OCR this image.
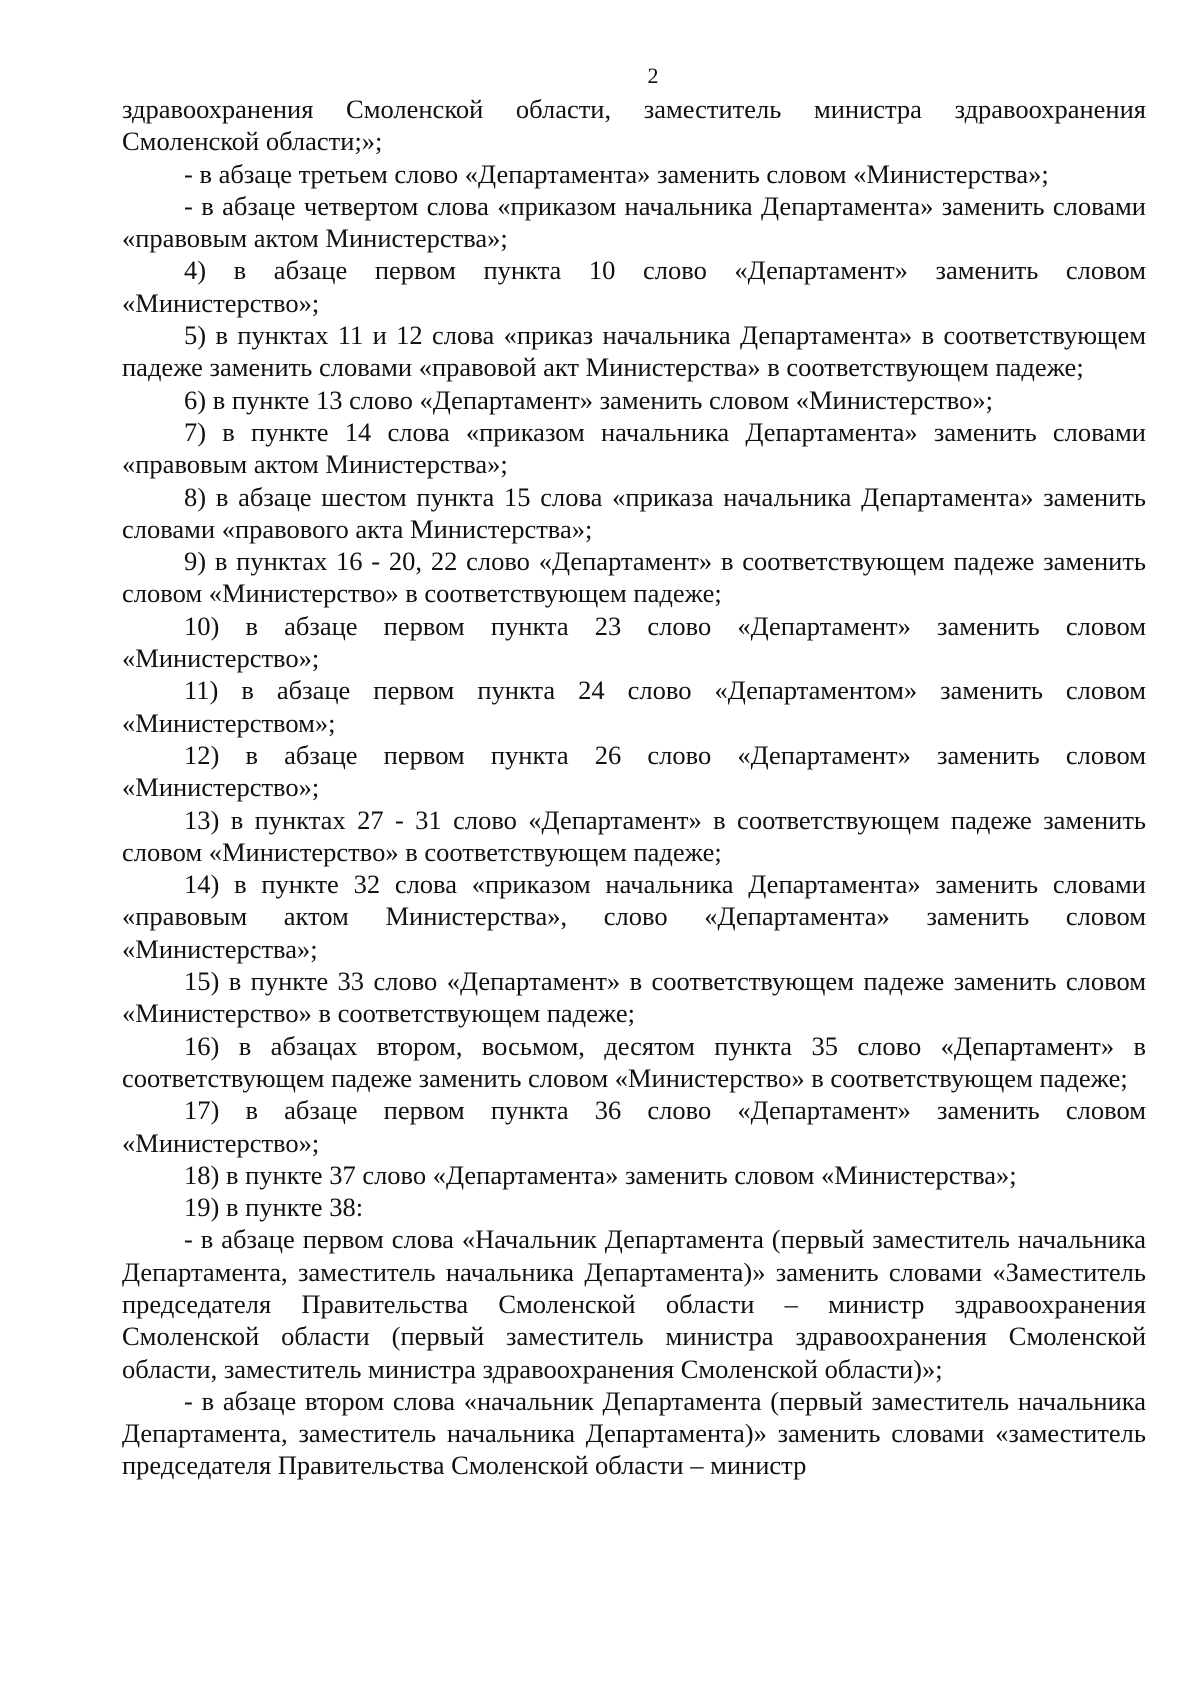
2

здравоохранения Смоленской области, заместитель министра здравоохранения Смоленской области;»;

- в абзаце третьем слово «Департамента» заменить словом «Министерства»;

- в абзаце четвертом слова «приказом начальника Департамента» заменить словами «правовым актом Министерства»;

4) в абзаце первом пункта 10 слово «Департамент» заменить словом «Министерство»;

5) в пунктах 11 и 12 слова «приказ начальника Департамента» в соответствующем падеже заменить словами «правовой акт Министерства» в соответствующем падеже;

6) в пункте 13 слово «Департамент» заменить словом «Министерство»;

7) в пункте 14 слова «приказом начальника Департамента» заменить словами «правовым актом Министерства»;

8) в абзаце шестом пункта 15 слова «приказа начальника Департамента» заменить словами «правового акта Министерства»;

9) в пунктах 16 - 20, 22 слово «Департамент» в соответствующем падеже заменить словом «Министерство» в соответствующем падеже;

10) в абзаце первом пункта 23 слово «Департамент» заменить словом «Министерство»;

11) в абзаце первом пункта 24 слово «Департаментом» заменить словом «Министерством»;

12) в абзаце первом пункта 26 слово «Департамент» заменить словом «Министерство»;

13) в пунктах 27 - 31 слово «Департамент» в соответствующем падеже заменить словом «Министерство» в соответствующем падеже;

14) в пункте 32 слова «приказом начальника Департамента» заменить словами «правовым актом Министерства», слово «Департамента» заменить словом «Министерства»;

15) в пункте 33 слово «Департамент» в соответствующем падеже заменить словом «Министерство» в соответствующем падеже;

16) в абзацах втором, восьмом, десятом пункта 35 слово «Департамент» в соответствующем падеже заменить словом «Министерство» в соответствующем падеже;

17) в абзаце первом пункта 36 слово «Департамент» заменить словом «Министерство»;

18) в пункте 37 слово «Департамента» заменить словом «Министерства»;

19) в пункте 38:

- в абзаце первом слова «Начальник Департамента (первый заместитель начальника Департамента, заместитель начальника Департамента)» заменить словами «Заместитель председателя Правительства Смоленской области – министр здравоохранения Смоленской области (первый заместитель министра здравоохранения Смоленской области, заместитель министра здравоохранения Смоленской области)»;

- в абзаце втором слова «начальник Департамента (первый заместитель начальника Департамента, заместитель начальника Департамента)» заменить словами «заместитель председателя Правительства Смоленской области – министр
